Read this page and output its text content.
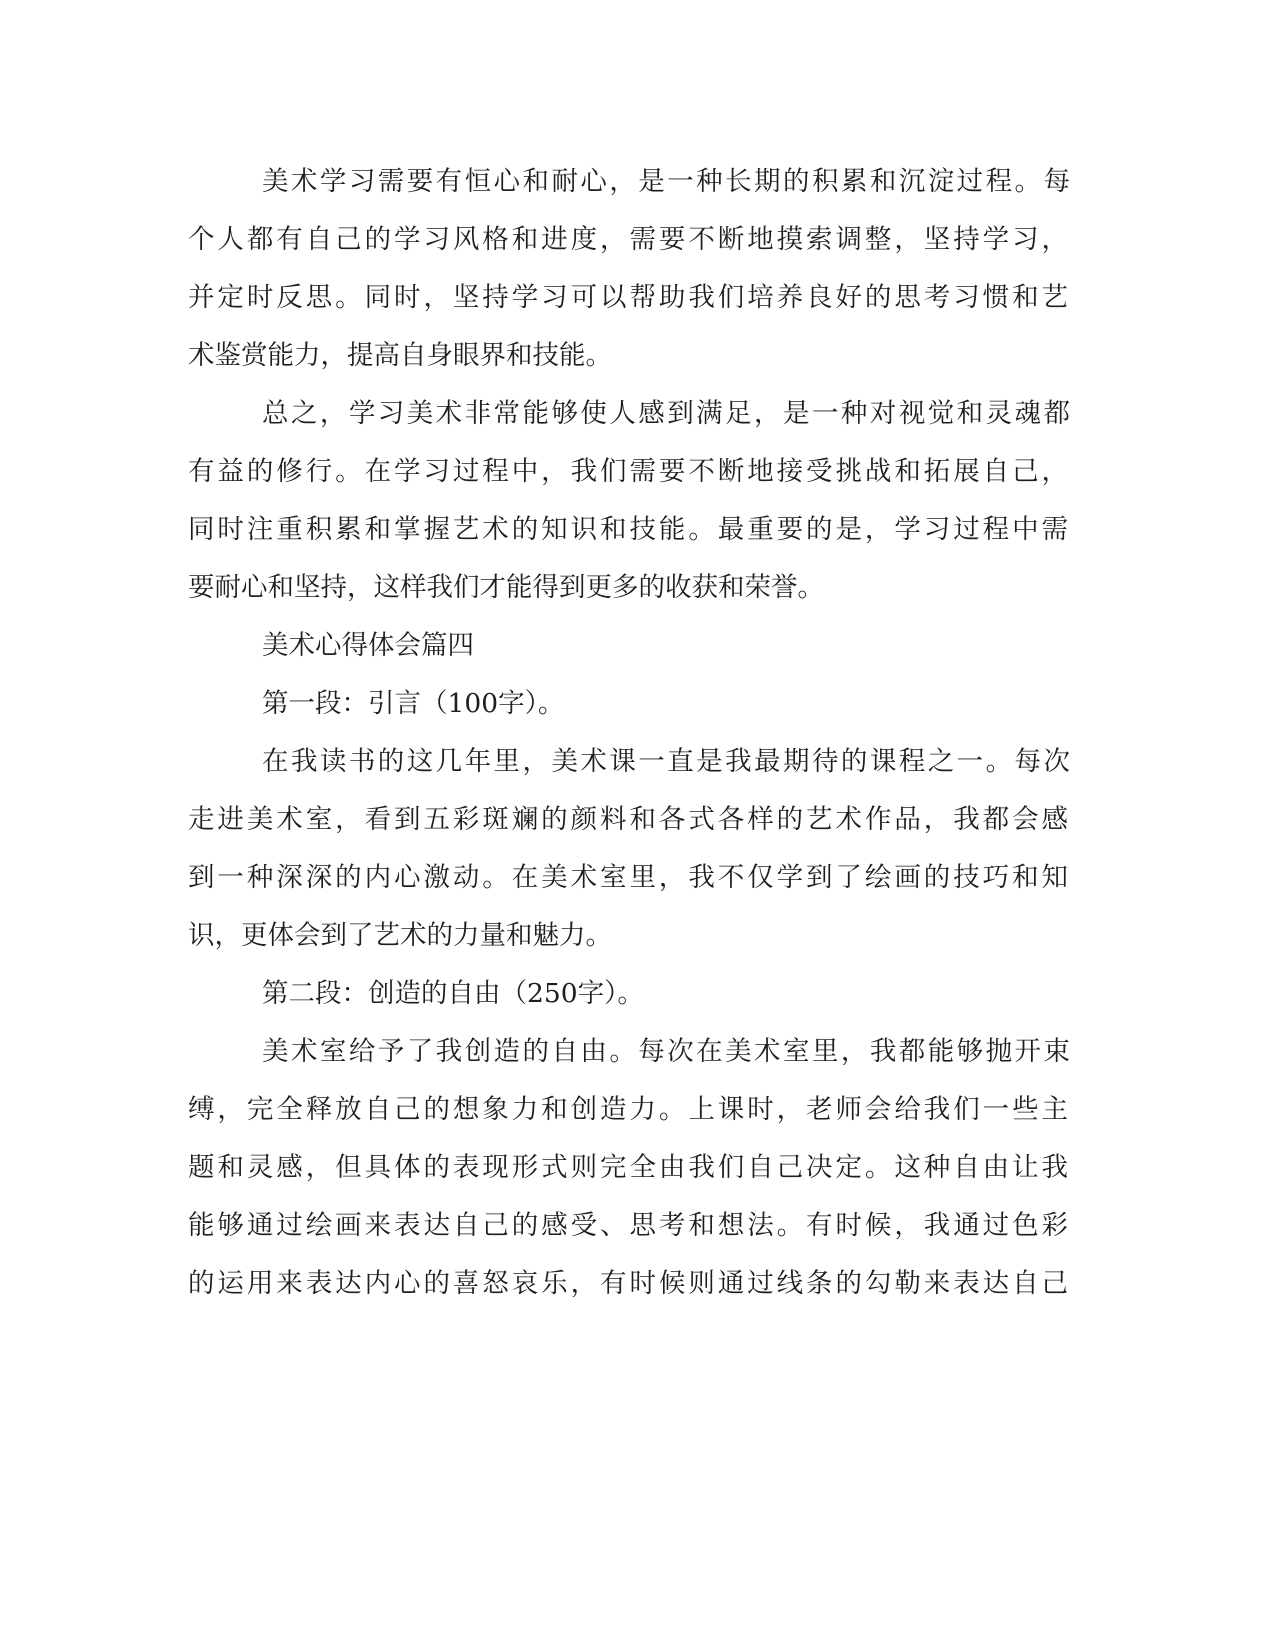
美术学习需要有恒心和耐心，是一种长期的积累和沉淀过程。每
个人都有自己的学习风格和进度，需要不断地摸索调整，坚持学习，
并定时反思。同时，坚持学习可以帮助我们培养良好的思考习惯和艺
术鉴赏能力，提高自身眼界和技能。
总之，学习美术非常能够使人感到满足，是一种对视觉和灵魂都
有益的修行。在学习过程中，我们需要不断地接受挑战和拓展自己，
同时注重积累和掌握艺术的知识和技能。最重要的是，学习过程中需
要耐心和坚持，这样我们才能得到更多的收获和荣誉。
美术心得体会篇四
第一段：引言（100字）。
在我读书的这几年里，美术课一直是我最期待的课程之一。每次
走进美术室，看到五彩斑斓的颜料和各式各样的艺术作品，我都会感
到一种深深的内心激动。在美术室里，我不仅学到了绘画的技巧和知
识，更体会到了艺术的力量和魅力。
第二段：创造的自由（250字）。
美术室给予了我创造的自由。每次在美术室里，我都能够抛开束
缚，完全释放自己的想象力和创造力。上课时，老师会给我们一些主
题和灵感，但具体的表现形式则完全由我们自己决定。这种自由让我
能够通过绘画来表达自己的感受、思考和想法。有时候，我通过色彩
的运用来表达内心的喜怒哀乐，有时候则通过线条的勾勒来表达自己
